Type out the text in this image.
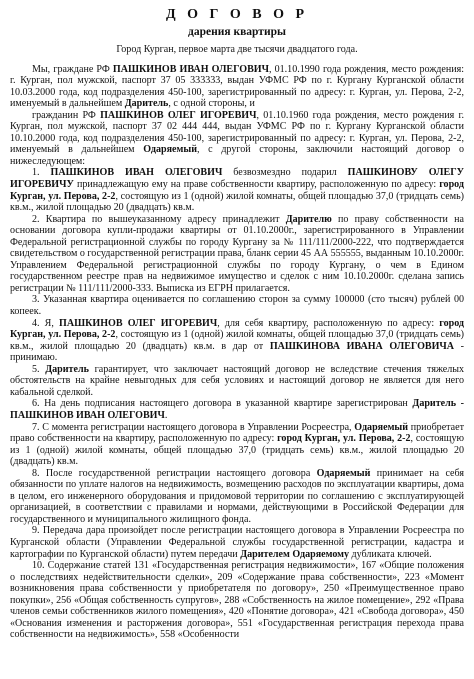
Д О Г О В О Р
дарения квартиры
Город Курган, первое марта две тысячи двадцатого года.

Мы, граждане РФ ПАШКИНОВ ИВАН ОЛЕГОВИЧ, 01.10.1990 года рождения, место рождения: г. Курган, пол мужской, паспорт 37 05 333333, выдан УФМС РФ по г. Кургану Курганской области 10.03.2000 года, код подразделения 450-100, зарегистрированный по адресу: г. Курган, ул. Перова, 2-2, именуемый в дальнейшем Даритель, с одной стороны, и

гражданин РФ ПАШКИНОВ ОЛЕГ ИГОРЕВИЧ, 01.10.1960 года рождения, место рождения г. Курган, пол мужской, паспорт 37 02 444 444, выдан УФМС РФ по г. Кургану Курганской области 10.10.2000 года, код подразделения 450-100, зарегистрированный по адресу: г. Курган, ул. Перова, 2-2, именуемый в дальнейшем Одаряемый, с другой стороны, заключили настоящий договор о нижеследующем:

1. ПАШКИНОВ ИВАН ОЛЕГОВИЧ безвозмездно подарил ПАШКИНОВУ ОЛЕГУ ИГОРЕВИЧУ принадлежащую ему на праве собственности квартиру, расположенную по адресу: город Курган, ул. Перова, 2-2, состоящую из 1 (одной) жилой комнаты, общей площадью 37,0 (тридцать семь) кв.м., жилой площадью 20 (двадцать) кв.м.

2. Квартира по вышеуказанному адресу принадлежит Дарителю по праву собственности на основании договора купли-продажи квартиры от 01.10.2000г., зарегистрированного в Управлении Федеральной регистрационной службы по городу Кургану за № 111/111/2000-222, что подтверждается свидетельством о государственной регистрации права, бланк серии 45 АА 555555, выданным 10.10.2000г. Управлением Федеральной регистрационной службы по городу Кургану, о чем в Едином государственном реестре прав на недвижимое имущество и сделок с ним 10.10.2000г. сделана запись регистрации № 111/111/2000-333. Выписка из ЕГРН прилагается.

3. Указанная квартира оценивается по соглашению сторон за сумму 100000 (сто тысяч) рублей 00 копеек.

4. Я, ПАШКИНОВ ОЛЕГ ИГОРЕВИЧ, для себя квартиру, расположенную по адресу: город Курган, ул. Перова, 2-2, состоящую из 1 (одной) жилой комнаты, общей площадью 37,0 (тридцать семь) кв.м., жилой площадью 20 (двадцать) кв.м. в дар от ПАШКИНОВА ИВАНА ОЛЕГОВИЧА - принимаю.

5. Даритель гарантирует, что заключает настоящий договор не вследствие стечения тяжелых обстоятельств на крайне невыгодных для себя условиях и настоящий договор не является для него кабальной сделкой.

6. На день подписания настоящего договора в указанной квартире зарегистрирован Даритель - ПАШКИНОВ ИВАН ОЛЕГОВИЧ.

7. С момента регистрации настоящего договора в Управлении Росреестра, Одаряемый приобретает право собственности на квартиру, расположенную по адресу: город Курган, ул. Перова, 2-2, состоящую из 1 (одной) жилой комнаты, общей площадью 37,0 (тридцать семь) кв.м., жилой площадью 20 (двадцать) кв.м.

8. После государственной регистрации настоящего договора Одаряемый принимает на себя обязанности по уплате налогов на недвижимость, возмещению расходов по эксплуатации квартиры, дома в целом, его инженерного оборудования и придомовой территории по соглашению с эксплуатирующей организацией, в соответствии с правилами и нормами, действующими в Российской Федерации для государственного и муниципального жилищного фонда.

9. Передача дара произойдет после регистрации настоящего договора в Управлении Росреестра по Курганской области (Управлении Федеральной службы государственной регистрации, кадастра и картографии по Курганской области) путем передачи Дарителем Одаряемому дубликата ключей.

10. Содержание статей 131 «Государственная регистрация недвижимости», 167 «Общие положения о последствиях недействительности сделки», 209 «Содержание права собственности», 223 «Момент возникновения права собственности у приобретателя по договору», 250 «Преимущественное право покупки», 256 «Общая собственность супругов», 288 «Собственность на жилое помещение», 292 «Права членов семьи собственников жилого помещения», 420 «Понятие договора», 421 «Свобода договора», 450 «Основания изменения и расторжения договора», 551 «Государственная регистрация перехода права собственности на недвижимость», 558 «Особенности
